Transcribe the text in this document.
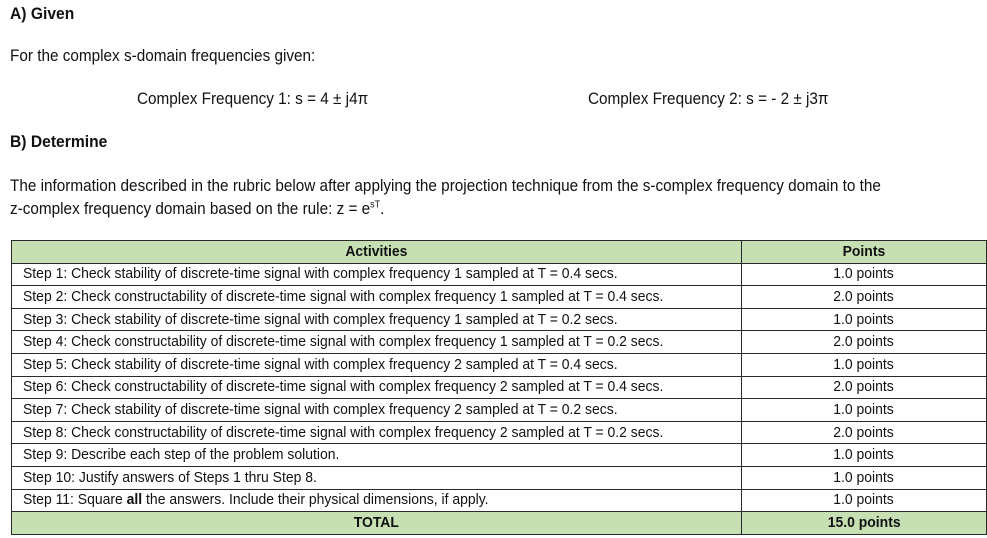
A) Given
For the complex s-domain frequencies given:
Complex Frequency 1: s = 4 ± j4π	Complex Frequency 2: s = - 2 ± j3π
B) Determine
The information described in the rubric below after applying the projection technique from the s-complex frequency domain to the
z-complex frequency domain based on the rule: $z = e^{sT}$.
Activities	Points
Step 1: Check stability of discrete-time signal with complex frequency 1 sampled at T = 0.4 secs.	1.0 points
Step 2: Check constructability of discrete-time signal with complex frequency 1 sampled at T = 0.4 secs.	2.0 points
Step 3: Check stability of discrete-time signal with complex frequency 1 sampled at T = 0.2 secs.	1.0 points
Step 4: Check constructability of discrete-time signal with complex frequency 1 sampled at T = 0.2 secs.	2.0 points
Step 5: Check stability of discrete-time signal with complex frequency 2 sampled at T = 0.4 secs.	1.0 points
Step 6: Check constructability of discrete-time signal with complex frequency 2 sampled at T = 0.4 secs.	2.0 points
Step 7: Check stability of discrete-time signal with complex frequency 2 sampled at T = 0.2 secs.	1.0 points
Step 8: Check constructability of discrete-time signal with complex frequency 2 sampled at T = 0.2 secs.	2.0 points
Step 9: Describe each step of the problem solution.	1.0 points
Step 10: Justify answers of Steps 1 thru Step 8.	1.0 points
Step 11: Square all the answers. Include their physical dimensions, if apply.	1.0 points
TOTAL	15.0 points
